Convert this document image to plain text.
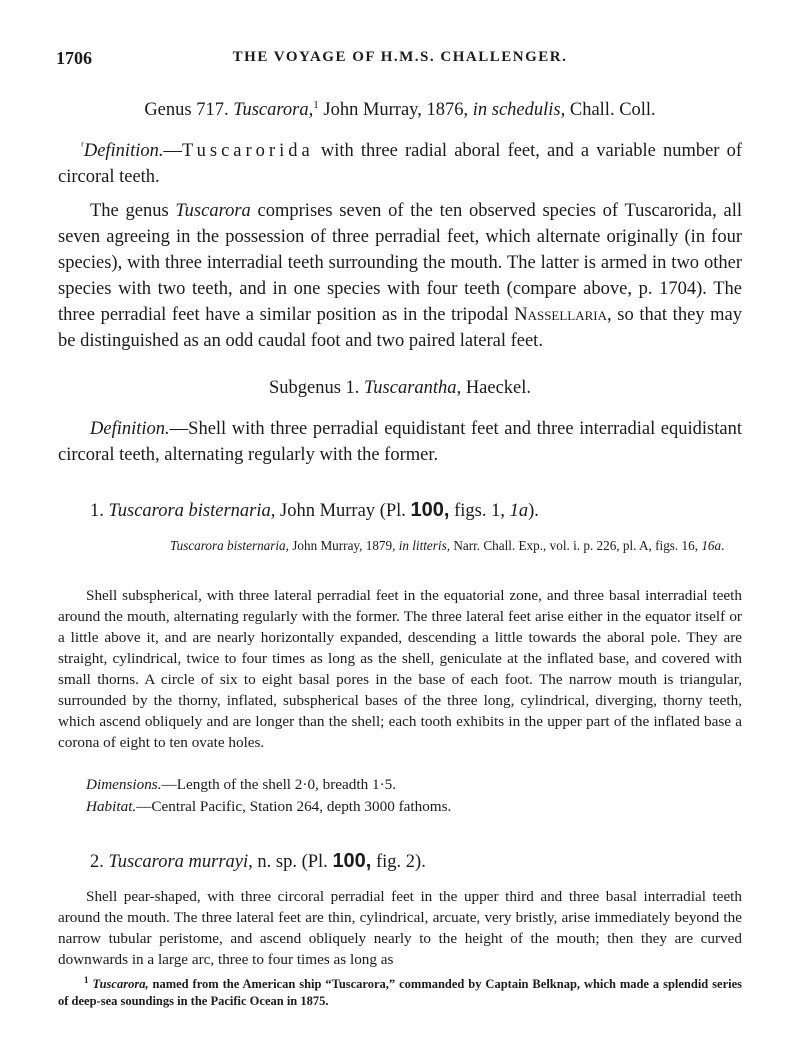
1706	THE VOYAGE OF H.M.S. CHALLENGER.

Genus 717. Tuscarora,$^1$ John Murray, 1876, in schedulis, Chall. Coll.

$^ʳ$Definition.—Tuscarorida with three radial aboral feet, and a variable number of circoral teeth.

The genus Tuscarora comprises seven of the ten observed species of Tuscarorida, all seven agreeing in the possession of three perradial feet, which alternate originally (in four species), with three interradial teeth surrounding the mouth. The latter is armed in two other species with two teeth, and in one species with four teeth (compare above, p. 1704). The three perradial feet have a similar position as in the tripodal Nassellaria, so that they may be distinguished as an odd caudal foot and two paired lateral feet.

Subgenus 1. Tuscarantha, Haeckel.

Definition.—Shell with three perradial equidistant feet and three interradial equidistant circoral teeth, alternating regularly with the former.

1. Tuscarora bisternaria, John Murray (Pl. 100, figs. 1, 1a).

Tuscarora bisternaria, John Murray, 1879, in litteris, Narr. Chall. Exp., vol. i. p. 226, pl. A, figs. 16, 16a.

Shell subspherical, with three lateral perradial feet in the equatorial zone, and three basal interradial teeth around the mouth, alternating regularly with the former. The three lateral feet arise either in the equator itself or a little above it, and are nearly horizontally expanded, descending a little towards the aboral pole. They are straight, cylindrical, twice to four times as long as the shell, geniculate at the inflated base, and covered with small thorns. A circle of six to eight basal pores in the base of each foot. The narrow mouth is triangular, surrounded by the thorny, inflated, subspherical bases of the three long, cylindrical, diverging, thorny teeth, which ascend obliquely and are longer than the shell; each tooth exhibits in the upper part of the inflated base a corona of eight to ten ovate holes.

Dimensions.—Length of the shell 2·0, breadth 1·5.

Habitat.—Central Pacific, Station 264, depth 3000 fathoms.

2. Tuscarora murrayi, n. sp. (Pl. 100, fig. 2).

Shell pear-shaped, with three circoral perradial feet in the upper third and three basal interradial teeth around the mouth. The three lateral feet are thin, cylindrical, arcuate, very bristly, arise immediately beyond the narrow tubular peristome, and ascend obliquely nearly to the height of the mouth; then they are curved downwards in a large arc, three to four times as long as

$^1$ Tuscarora, named from the American ship “Tuscarora,” commanded by Captain Belknap, which made a splendid series of deep-sea soundings in the Pacific Ocean in 1875.
